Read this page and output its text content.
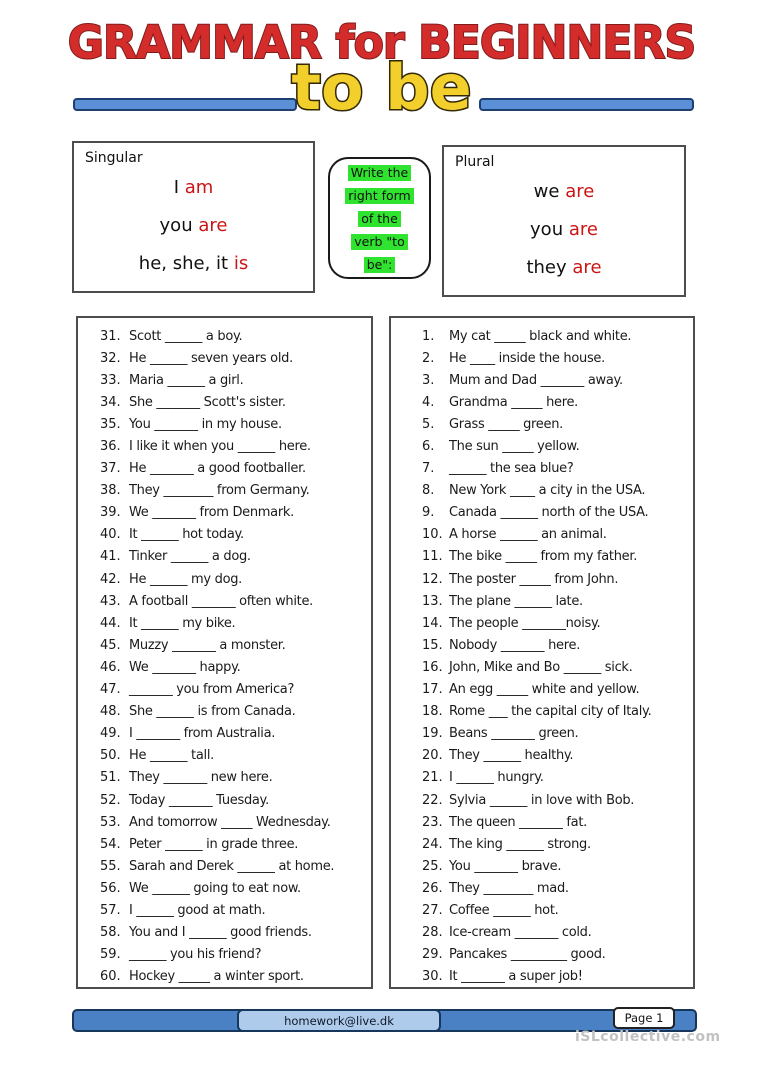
GRAMMAR for BEGINNERS
to be
Singular
I am
you are
he, she, it is
Write the
right form
of the
verb "to
be":
Plural
we are
you are
they are
31. Scott ______ a boy.
32. He ______ seven years old.
33. Maria ______ a girl.
34. She _______ Scott's sister.
35. You _______ in my house.
36. I like it when you ______ here.
37. He _______ a good footballer.
38. They ________ from Germany.
39. We _______ from Denmark.
40. It ______ hot today.
41. Tinker ______ a dog.
42. He ______ my dog.
43. A football _______ often white.
44. It ______ my bike.
45. Muzzy _______ a monster.
46. We _______ happy.
47. _______ you from America?
48. She ______ is from Canada.
49. I _______ from Australia.
50. He ______ tall.
51. They _______ new here.
52. Today _______ Tuesday.
53. And tomorrow _____ Wednesday.
54. Peter ______ in grade three.
55. Sarah and Derek ______ at home.
56. We ______ going to eat now.
57. I ______ good at math.
58. You and I ______ good friends.
59. ______ you his friend?
60. Hockey _____ a winter sport.
1.	My cat _____ black and white.
2.	He ____ inside the house.
3.	Mum and Dad _______ away.
4.	Grandma _____ here.
5.	Grass _____ green.
6.	The sun _____ yellow.
7.	______ the sea blue?
8.	New York ____ a city in the USA.
9.	Canada ______ north of the USA.
10. A horse ______ an animal.
11. The bike _____ from my father.
12. The poster _____ from John.
13. The plane ______ late.
14. The people _______noisy.
15. Nobody _______ here.
16. John, Mike and Bo ______ sick.
17. An egg _____ white and yellow.
18. Rome ___ the capital city of Italy.
19. Beans _______ green.
20. They ______ healthy.
21. I ______ hungry.
22. Sylvia ______ in love with Bob.
23. The queen _______ fat.
24. The king ______ strong.
25. You _______ brave.
26. They ________ mad.
27. Coffee ______ hot.
28. Ice-cream _______ cold.
29. Pancakes _________ good.
30. It _______ a super job!
homework@live.dk	Page 1
iSLcollective.com
